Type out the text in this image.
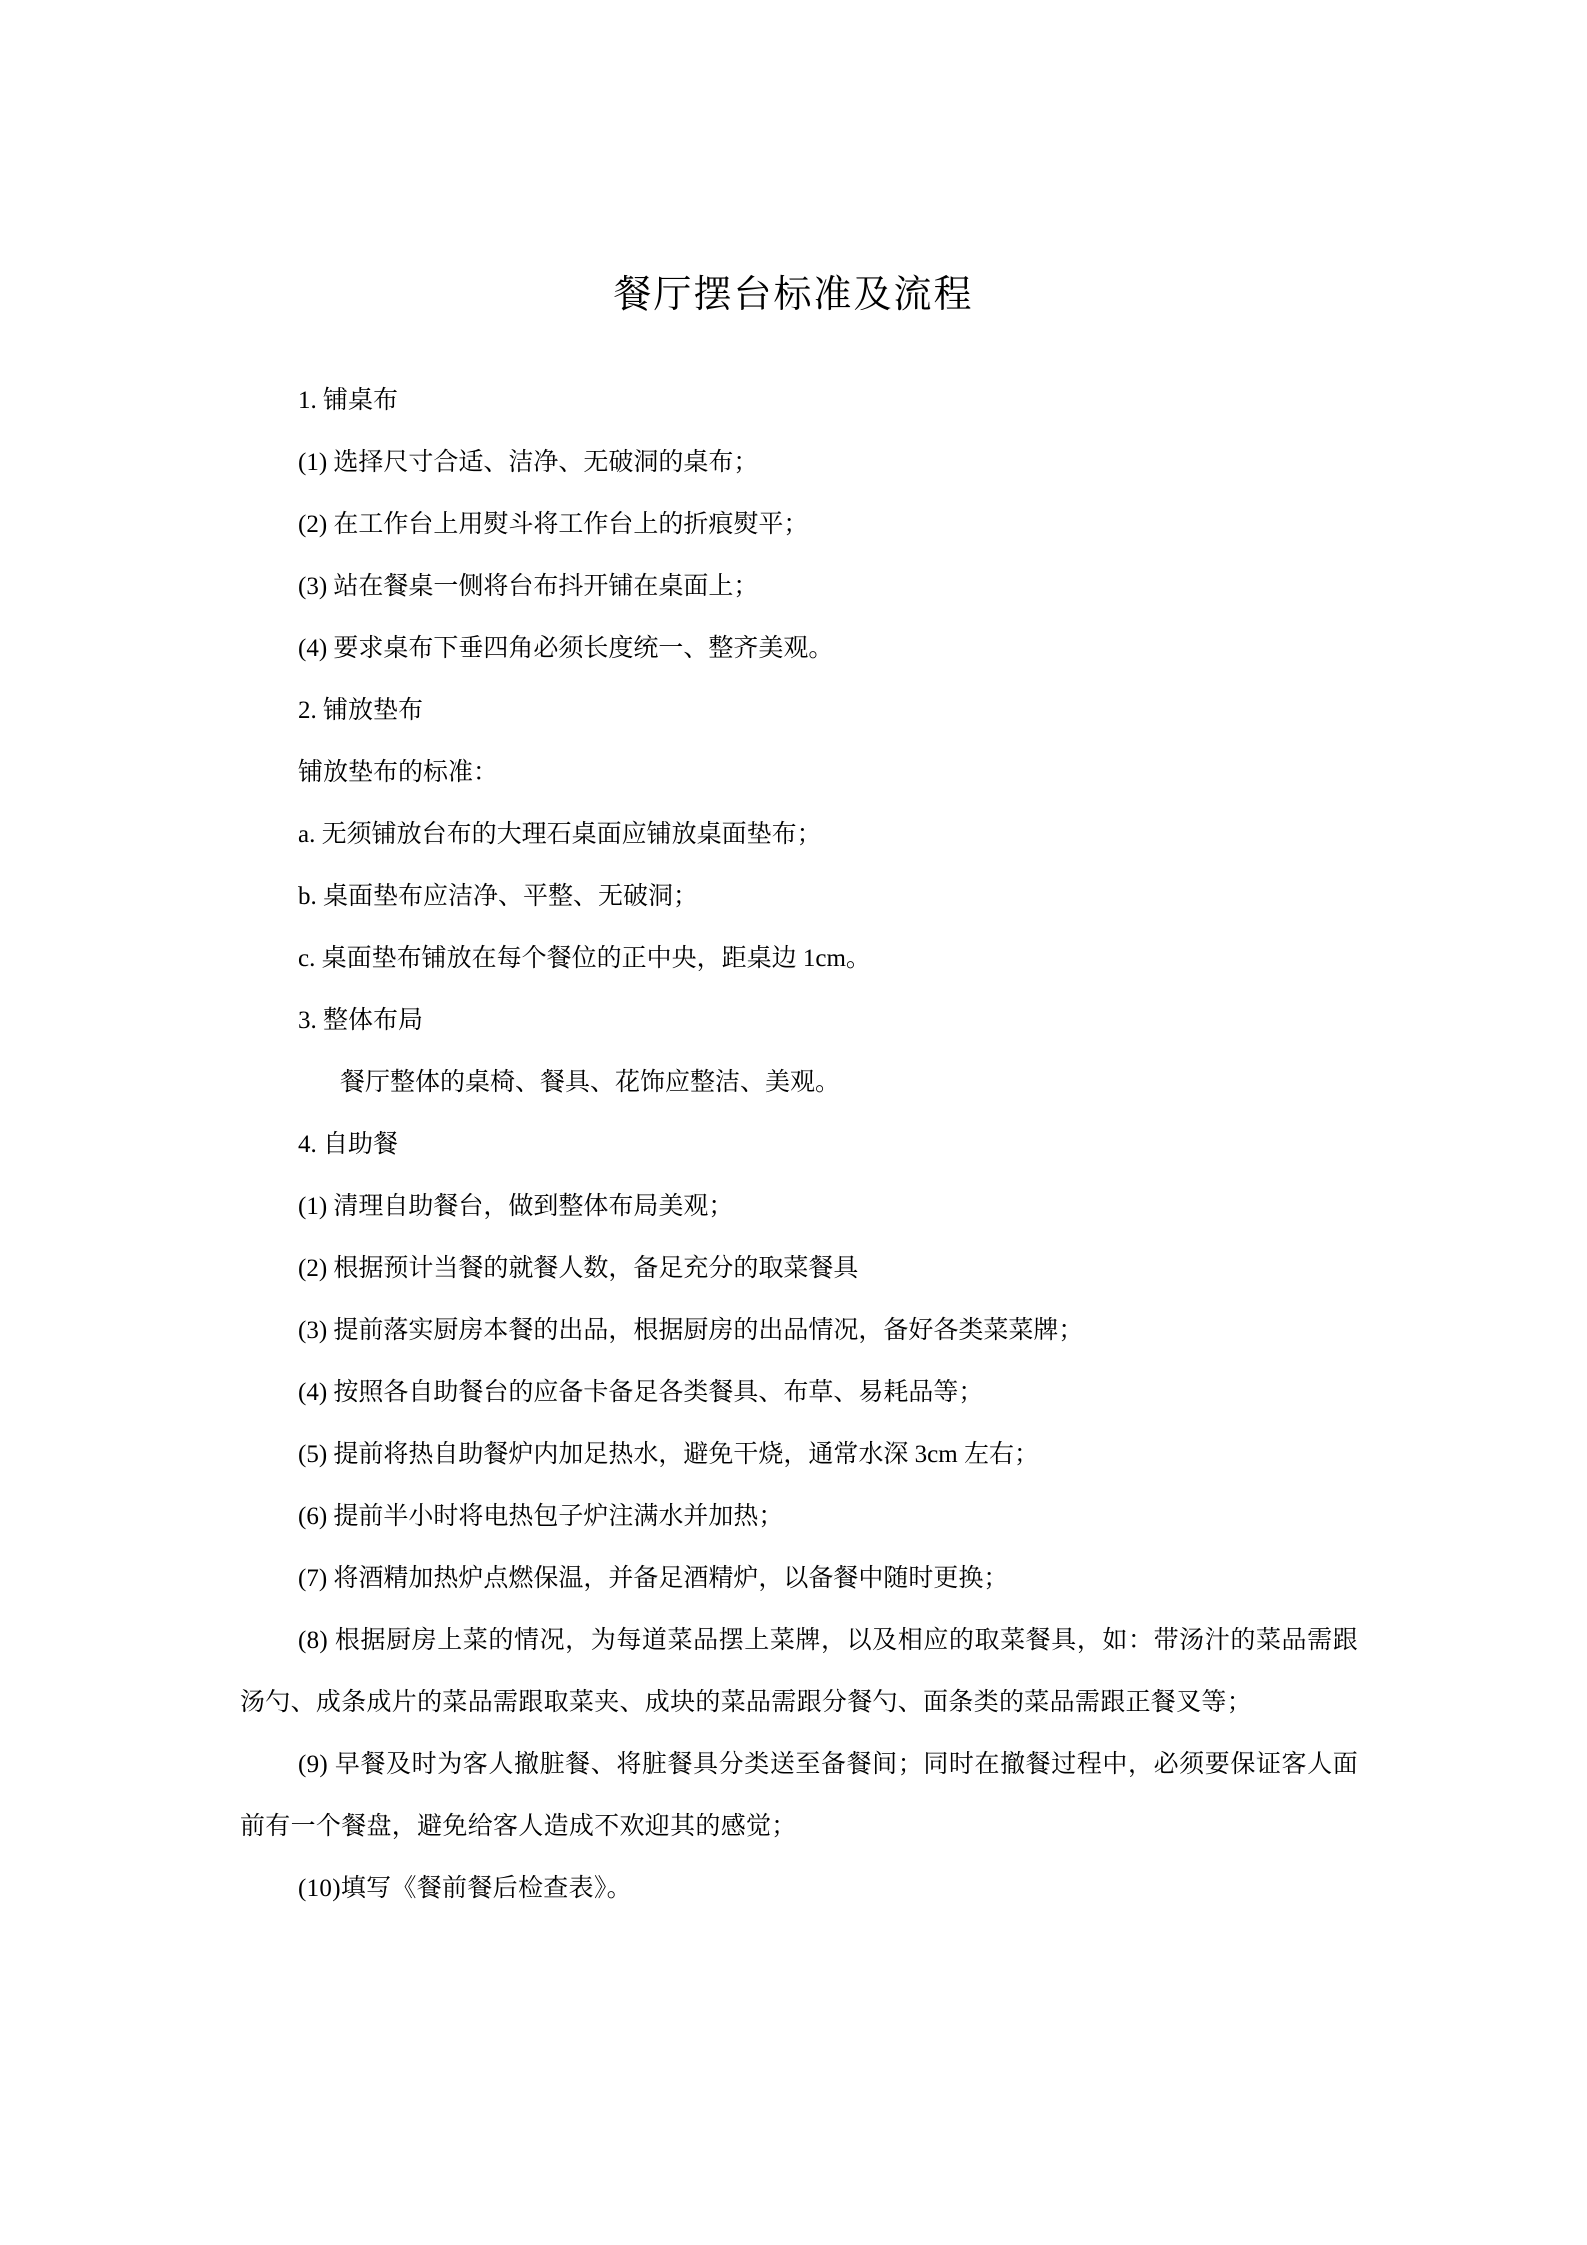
餐厅摆台标准及流程
1. 铺桌布
(1) 选择尺寸合适、洁净、无破洞的桌布；
(2) 在工作台上用熨斗将工作台上的折痕熨平；
(3) 站在餐桌一侧将台布抖开铺在桌面上；
(4) 要求桌布下垂四角必须长度统一、整齐美观。
2. 铺放垫布
铺放垫布的标准：
a. 无须铺放台布的大理石桌面应铺放桌面垫布；
b. 桌面垫布应洁净、平整、无破洞；
c. 桌面垫布铺放在每个餐位的正中央，距桌边 1cm。
3. 整体布局
餐厅整体的桌椅、餐具、花饰应整洁、美观。
4. 自助餐
(1) 清理自助餐台，做到整体布局美观；
(2) 根据预计当餐的就餐人数，备足充分的取菜餐具
(3) 提前落实厨房本餐的出品，根据厨房的出品情况，备好各类菜菜牌；
(4) 按照各自助餐台的应备卡备足各类餐具、布草、易耗品等；
(5) 提前将热自助餐炉内加足热水，避免干烧，通常水深 3cm 左右；
(6) 提前半小时将电热包子炉注满水并加热；
(7) 将酒精加热炉点燃保温，并备足酒精炉，以备餐中随时更换；
(8) 根据厨房上菜的情况，为每道菜品摆上菜牌，以及相应的取菜餐具，如：带汤汁的菜品需跟汤勺、成条成片的菜品需跟取菜夹、成块的菜品需跟分餐勺、面条类的菜品需跟正餐叉等；
(9) 早餐及时为客人撤脏餐、将脏餐具分类送至备餐间；同时在撤餐过程中，必须要保证客人面前有一个餐盘，避免给客人造成不欢迎其的感觉；
(10)填写《餐前餐后检查表》。
